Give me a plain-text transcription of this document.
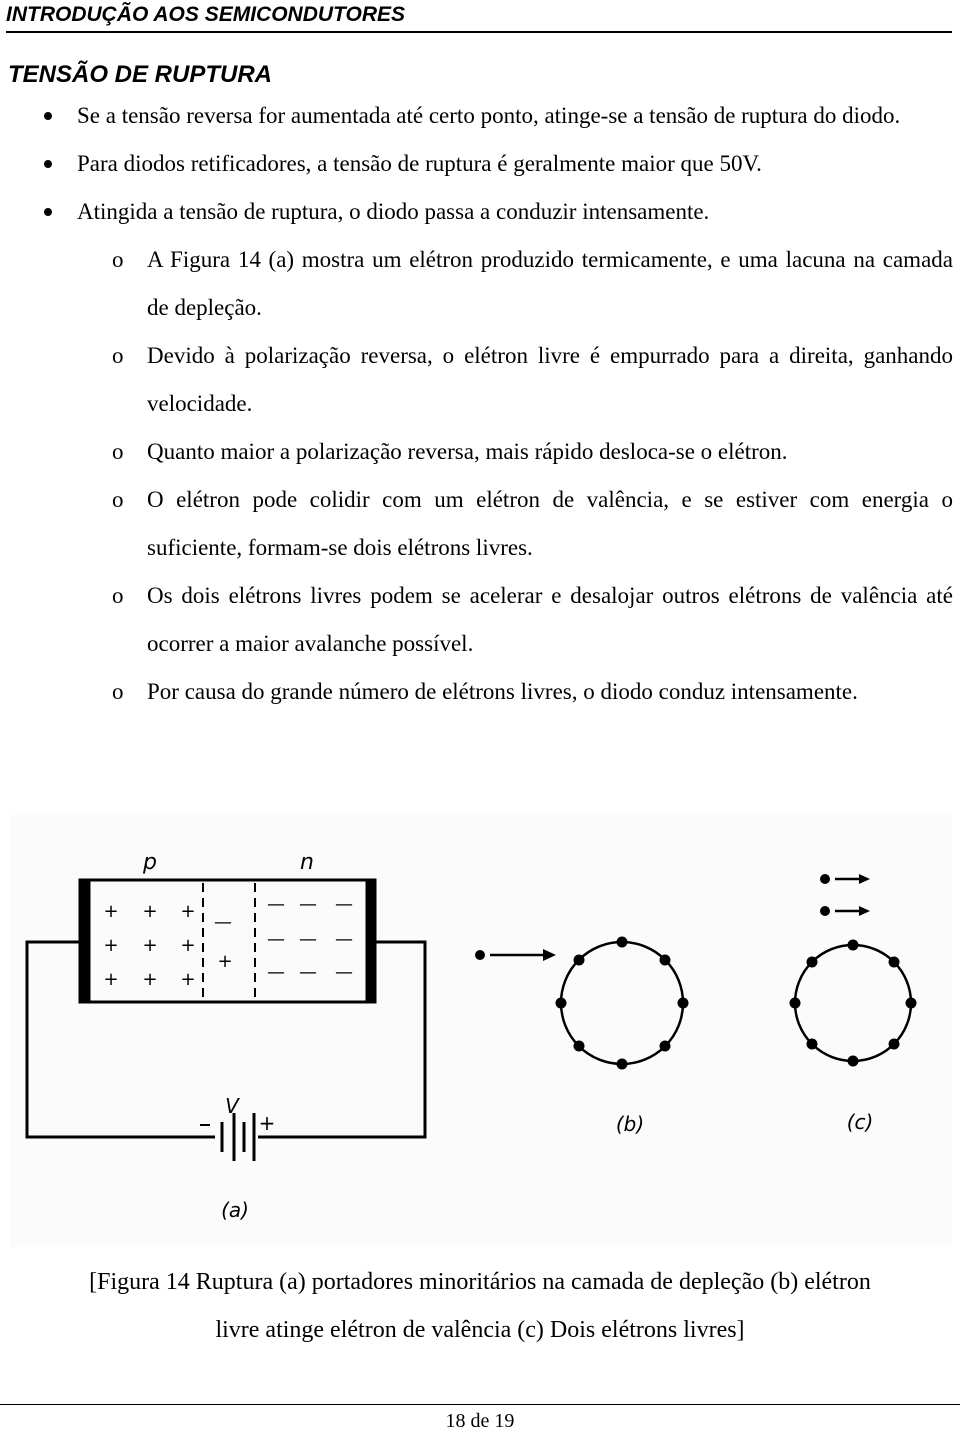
INTRODUÇÃO AOS SEMICONDUTORES
TENSÃO DE RUPTURA
Se a tensão reversa for aumentada até certo ponto, atinge-se a tensão de ruptura do diodo.
Para diodos retificadores, a tensão de ruptura é geralmente maior que 50V.
Atingida a tensão de ruptura, o diodo passa a conduzir intensamente.
o A Figura 14 (a) mostra um elétron produzido termicamente, e uma lacuna na camada de depleção.
o Devido à polarização reversa, o elétron livre é empurrado para a direita, ganhando velocidade.
o Quanto maior a polarização reversa, mais rápido desloca-se o elétron.
o O elétron pode colidir com um elétron de valência, e se estiver com energia o suficiente, formam-se dois elétrons livres.
o Os dois elétrons livres podem se acelerar e desalojar outros elétrons de valência até ocorrer a maior avalanche possível.
o Por causa do grande número de elétrons livres, o diodo conduz intensamente.
+ + +
+ + +
+ + +
+
—
— — —
— — —
— — —
p	n
V
+
(a)
(b)	(c)
[Figura 14 Ruptura (a) portadores minoritários na camada de depleção (b) elétron
livre atinge elétron de valência (c) Dois elétrons livres]
18 de 19
